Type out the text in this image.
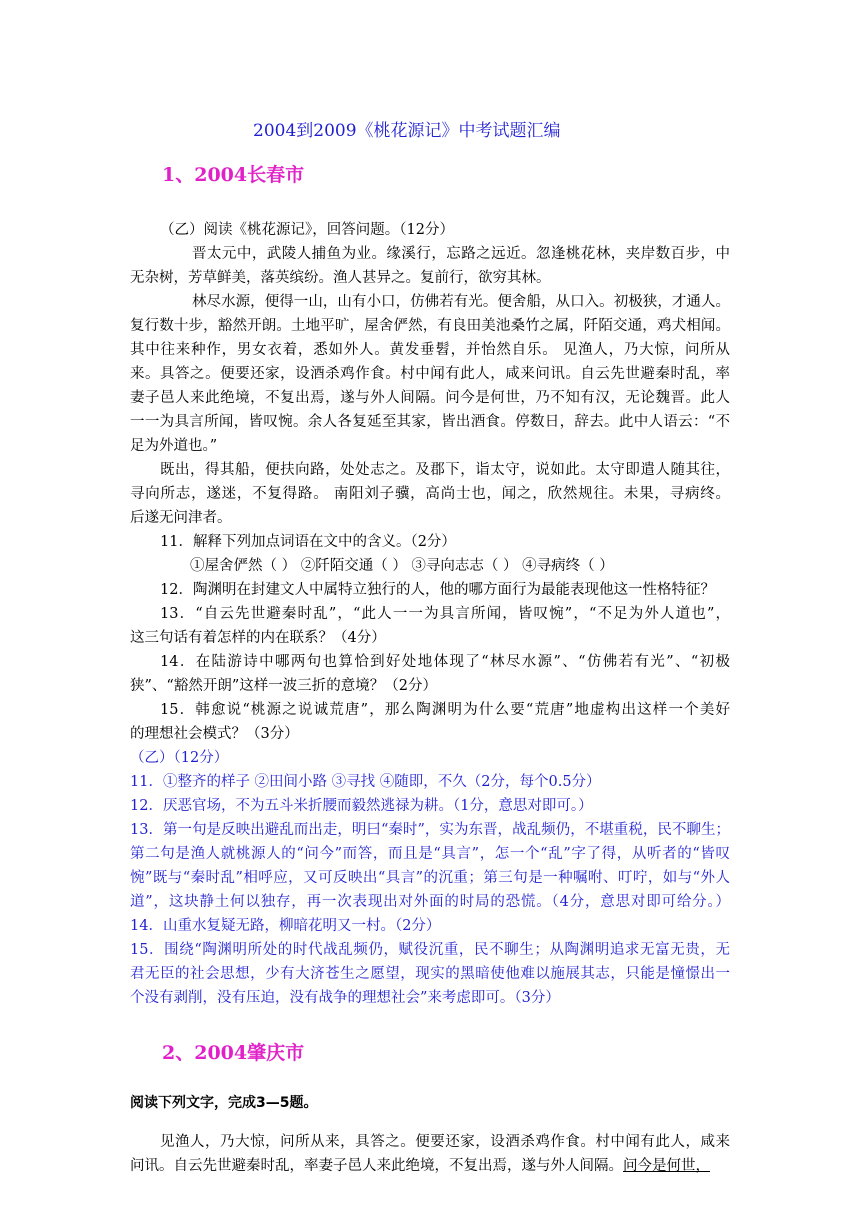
2004到2009《桃花源记》中考试题汇编
1、2004长春市
（乙）阅读《桃花源记》，回答问题。（12分）
晋太元中，武陵人捕鱼为业。缘溪行，忘路之远近。忽逢桃花林，夹岸数百步，中
无杂树，芳草鲜美，落英缤纷。渔人甚异之。复前行，欲穷其林。
林尽水源，便得一山，山有小口，仿佛若有光。便舍船，从口入。初极狭，才通人。
复行数十步，豁然开朗。土地平旷，屋舍俨然，有良田美池桑竹之属，阡陌交通，鸡犬相闻。
其中往来种作，男女衣着，悉如外人。黄发垂髫，并怡然自乐。 见渔人，乃大惊，问所从
来。具答之。便要还家，设酒杀鸡作食。村中闻有此人，咸来问讯。自云先世避秦时乱，率
妻子邑人来此绝境，不复出焉，遂与外人间隔。问今是何世，乃不知有汉，无论魏晋。此人
一一为具言所闻，皆叹惋。余人各复延至其家，皆出酒食。停数日，辞去。此中人语云：“不
足为外道也。”
既出，得其船，便扶向路，处处志之。及郡下，诣太守，说如此。太守即遣人随其往，
寻向所志，遂迷，不复得路。 南阳刘子骥，高尚士也，闻之，欣然规往。未果，寻病终。
后遂无问津者。
11．解释下列加点词语在文中的含义。（2分）
①屋舍俨然（ ） ②阡陌交通（ ） ③寻向志志（ ） ④寻病终（ ）
12．陶渊明在封建文人中属特立独行的人，他的哪方面行为最能表现他这一性格特征？
13．“自云先世避秦时乱”，“此人一一为具言所闻，皆叹惋”，“不足为外人道也”，
这三句话有着怎样的内在联系？（4分）
14．在陆游诗中哪两句也算恰到好处地体现了“林尽水源”、“仿佛若有光”、“初极
狭”、“豁然开朗”这样一波三折的意境？（2分）
15．韩愈说“桃源之说诚荒唐”，那么陶渊明为什么要“荒唐”地虚构出这样一个美好
的理想社会模式？（3分）
（乙）（12分）
11．①整齐的样子 ②田间小路 ③寻找 ④随即，不久（2分，每个0.5分）
12．厌恶官场，不为五斗米折腰而毅然逃禄为耕。（1分，意思对即可。）
13．第一句是反映出避乱而出走，明曰“秦时”，实为东晋，战乱频仍，不堪重税，民不聊生；
第二句是渔人就桃源人的“问今”而答，而且是“具言”，怎一个“乱”字了得，从听者的“皆叹
惋”既与“秦时乱”相呼应，又可反映出“具言”的沉重；第三句是一种嘱咐、叮咛，如与“外人
道”，这块静土何以独存，再一次表现出对外面的时局的恐慌。（4分，意思对即可给分。）
14．山重水复疑无路，柳暗花明又一村。（2分）
15．围绕“陶渊明所处的时代战乱频仍，赋役沉重，民不聊生；从陶渊明追求无富无贵，无
君无臣的社会思想，少有大济苍生之愿望，现实的黑暗使他难以施展其志，只能是憧憬出一
个没有剥削，没有压迫，没有战争的理想社会”来考虑即可。（3分）
2、2004肇庆市
阅读下列文字，完成3—5题。
见渔人，乃大惊，问所从来，具答之。便要还家，设酒杀鸡作食。村中闻有此人，咸来
问讯。自云先世避秦时乱，率妻子邑人来此绝境，不复出焉，遂与外人间隔。问今是何世，
